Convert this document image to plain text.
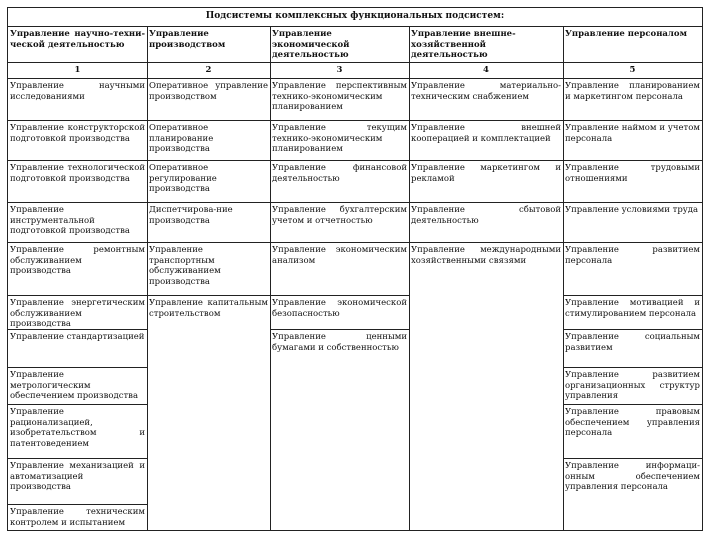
Подсистемы комплексных функциональных подсистем:
Управление научно-техни-ческой деятельностью
1
Управление научными исследованиями
Управление конструкторской подготовкой производства
Управление технологической подготовкой производства
Управление инструментальной подготовкой производства
Управление ремонтным обслуживанием производства
Управление энергетическим обслуживанием производства
Управление стандартизацией
Управление метрологическим обеспечением производства
Управление рационализацией, изобретательством и патентоведением
Управление механизацией и автоматизацией производства
Управление техническим контролем и испытанием
Управление производством
2
Оперативное управление производством
Оперативное планирование производства
Оперативное регулирование производства
Диспетчирова-ние производства
Управление транспортным обслуживанием производства
Управление капитальным строительством
Управление экономической деятельностью
3
Управление перспективным технико-экономическим планированием
Управление текущим технико-экономическим планированием
Управление финансовой деятельностью
Управление бухгалтерским учетом и отчетностью
Управление экономическим анализом
Управление экономической безопасностью
Управление ценными бумагами и собственностью
Управление внешне-хозяйственной деятельностью
4
Управление материально-техническим снабжением
Управление внешней кооперацией и комплектацией
Управление маркетингом и рекламой
Управление сбытовой деятельностью
Управление международными хозяйственными связями
Управление персоналом
5
Управление планированием и маркетингом персонала
Управление наймом и учетом персонала
Управление трудовыми отношениями
Управление условиями труда
Управление развитием персонала
Управление мотивацией и стимулированием персонала
Управление социальным развитием
Управление развитием организационных структур управления
Управление правовым обеспечением управления персонала
Управление информаци-онным обеспечением управления персонала
